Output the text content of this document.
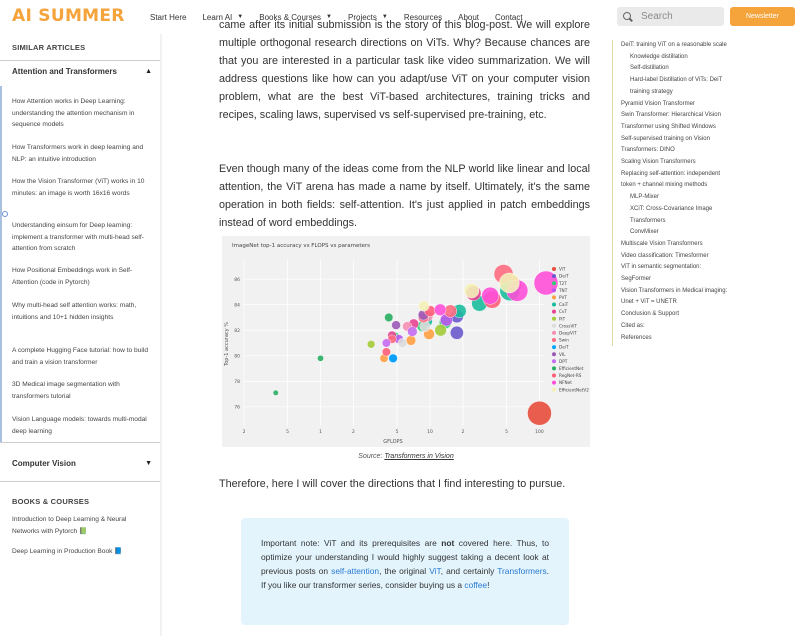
AI SUMMER	Start Here Learn AI ▼ Books & Courses ▼ Projects ▼ Resources About Contact
Search	Newsletter
SIMILAR ARTICLES
Attention and Transformers	▲
How Attention works in Deep Learning: understanding the attention mechanism in sequence models
How Transformers work in deep learning and NLP: an intuitive introduction
How the Vision Transformer (ViT) works in 10 minutes: an image is worth 16x16 words
Understanding einsum for Deep learning: implement a transformer with multi-head self-attention from scratch
How Positional Embeddings work in Self-Attention (code in Pytorch)
Why multi-head self attention works: math, intuitions and 10+1 hidden insights
A complete Hugging Face tutorial: how to build and train a vision transformer
3D Medical image segmentation with transformers tutorial
Vision Language models: towards multi-modal deep learning
Computer Vision	▼
BOOKS & COURSES
Introduction to Deep Learning & Neural Networks with Pytorch 📗
Deep Learning in Production Book 📘
came after its initial submission is the story of this blog-post. We will explore multiple orthogonal research directions on ViTs. Why? Because chances are that you are interested in a particular task like video summarization. We will address questions like how can you adapt/use ViT on your computer vision problem, what are the best ViT-based architectures, training tricks and recipes, scaling laws, supervised vs self-supervised pre-training, etc.
Even though many of the ideas come from the NLP world like linear and local attention, the ViT arena has made a name by itself. Ultimately, it's the same operation in both fields: self-attention. It's just applied in patch embeddings instead of word embeddings.
ImageNet top-1 accuracy vs FLOPS vs parameters
76
78
80
82
84
86
2	5	1	2	5	10	2	5	100
GFLOPS
Top-1 accuracy %
ViT
DeiT
T2T
TNT
PVT
CaiT
CvT
PiT
CrossViT
DeepViT
Swin
DeiT
VIL
DPT
EfficientNet
RegNet-RS
NFNet
EfficientNetV2
Source: Transformers in Vision
Therefore, here I will cover the directions that I find interesting to pursue.
Important note: ViT and its prerequisites are not covered here. Thus, to optimize your understanding I would highly suggest taking a decent look at previous posts on self-attention, the original ViT, and certainly Transformers. If you like our transformer series, consider buying us a coffee!
DeiT: training ViT on a reasonable scale
Knowledge distillation
Self-distillation
Hard-label Distillation of ViTs: DeiT
training strategy
Pyramid Vision Transformer
Swin Transformer: Hierarchical Vision
Transformer using Shifted Windows
Self-supervised training on Vision
Transformers: DINO
Scaling Vision Transformers
Replacing self-attention: independent
token + channel mixing methods
MLP-Mixer
XCiT: Cross-Covariance Image
Transformers
ConvMixer
Multiscale Vision Transformers
Video classification: Timesformer
ViT in semantic segmentation:
SegFormer
Vision Transformers in Medical imaging:
Unet + ViT = UNETR
Conclusion & Support
Cited as:
References
